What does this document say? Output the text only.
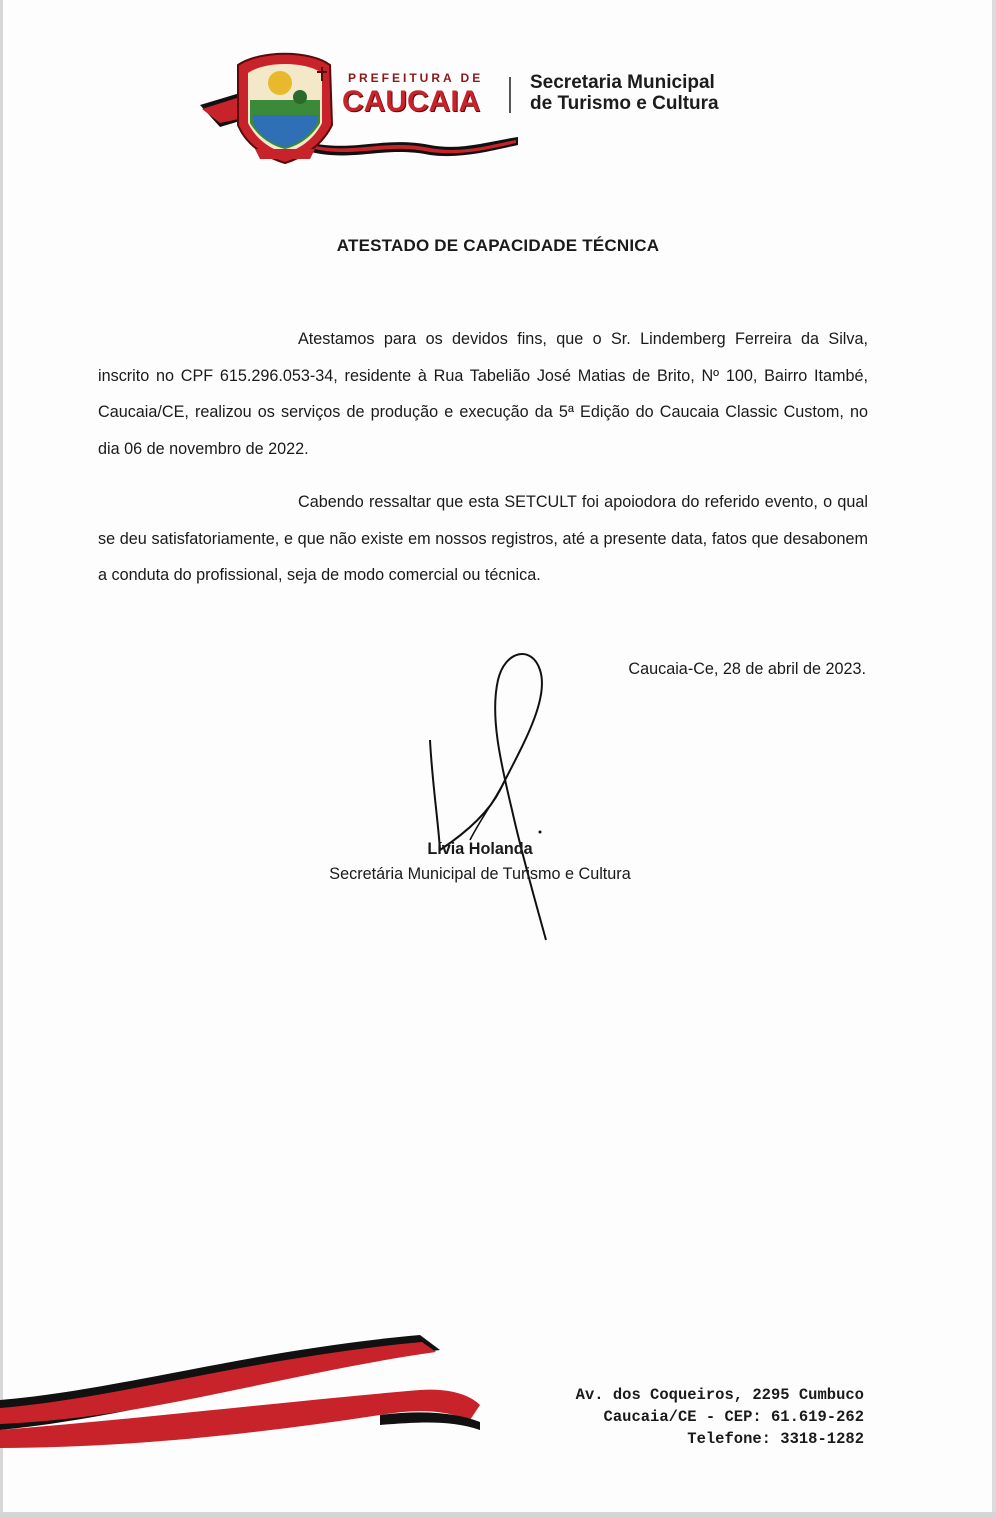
PREFEITURA DE
CAUCAIA
Secretaria Municipal
de Turismo e Cultura
ATESTADO DE CAPACIDADE TÉCNICA
Atestamos para os devidos fins, que o Sr. Lindemberg Ferreira da Silva, inscrito no CPF 615.296.053-34, residente à Rua Tabelião José Matias de Brito, Nº 100, Bairro Itambé, Caucaia/CE, realizou os serviços de produção e execução da 5ª Edição do Caucaia Classic Custom, no dia 06 de novembro de 2022.
Cabendo ressaltar que esta SETCULT foi apoiodora do referido evento, o qual se deu satisfatoriamente, e que não existe em nossos registros, até a presente data, fatos que desabonem a conduta do profissional, seja de modo comercial ou técnica.
Caucaia-Ce, 28 de abril de 2023.
Lívia Holanda
Secretária Municipal de Turismo e Cultura
Av. dos Coqueiros, 2295 Cumbuco
Caucaia/CE - CEP: 61.619-262
Telefone: 3318-1282
